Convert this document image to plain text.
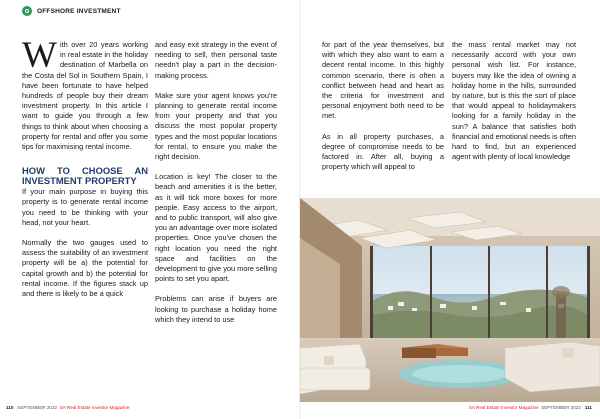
OFFSHORE INVESTMENT

With over 20 years working in real estate in the holiday destination of Marbella on the Costa del Sol in Southern Spain, I have been fortunate to have helped hundreds of people buy their dream investment property. In this article I want to guide you through a few things to think about when choosing a property for rental and offer you some tips for maximising rental income.

HOW TO CHOOSE AN INVESTMENT PROPERTY

If your main purpose in buying this property is to generate rental income you need to be thinking with your head, not your heart.

Normally the two gauges used to assess the suitability of an investment property will be a) the potential for capital growth and b) the potential for rental income. If the figures stack up and there is likely to be a quick

and easy exit strategy in the event of needing to sell, then personal taste needn't play a part in the decision-making process.

Make sure your agent knows you're planning to generate rental income from your property and that you discuss the most popular property types and the most popular locations for rental, to ensure you make the right decision.

Location is key! The closer to the beach and amenities it is the better, as it will tick more boxes for more people. Easy access to the airport, and to public transport, will also give you an advantage over more isolated properties. Once you've chosen the right location you need the right space and facilities on the development to give you more selling points to set you apart.

Problems can arise if buyers are looking to purchase a holiday home which they intend to use

110 SEPTEMBER 2022 SA Real Estate Investor Magazine

for part of the year themselves, but with which they also want to earn a decent rental income. In this highly common scenario, there is often a conflict between head and heart as the criteria for investment and personal enjoyment both need to be met.

As in all property purchases, a degree of compromise needs to be factored in. After all, buying a property which will appeal to

the mass rental market may not necessarily accord with your own personal wish list. For instance, buyers may like the idea of owning a holiday home in the hills, surrounded by nature, but is this the sort of place that would appeal to holidaymakers looking for a family holiday in the sun? A balance that satisfies both financial and emotional needs is often hard to find, but an experienced agent with plenty of local knowledge

SA Real Estate Investor Magazine SEPTEMBER 2022 111
